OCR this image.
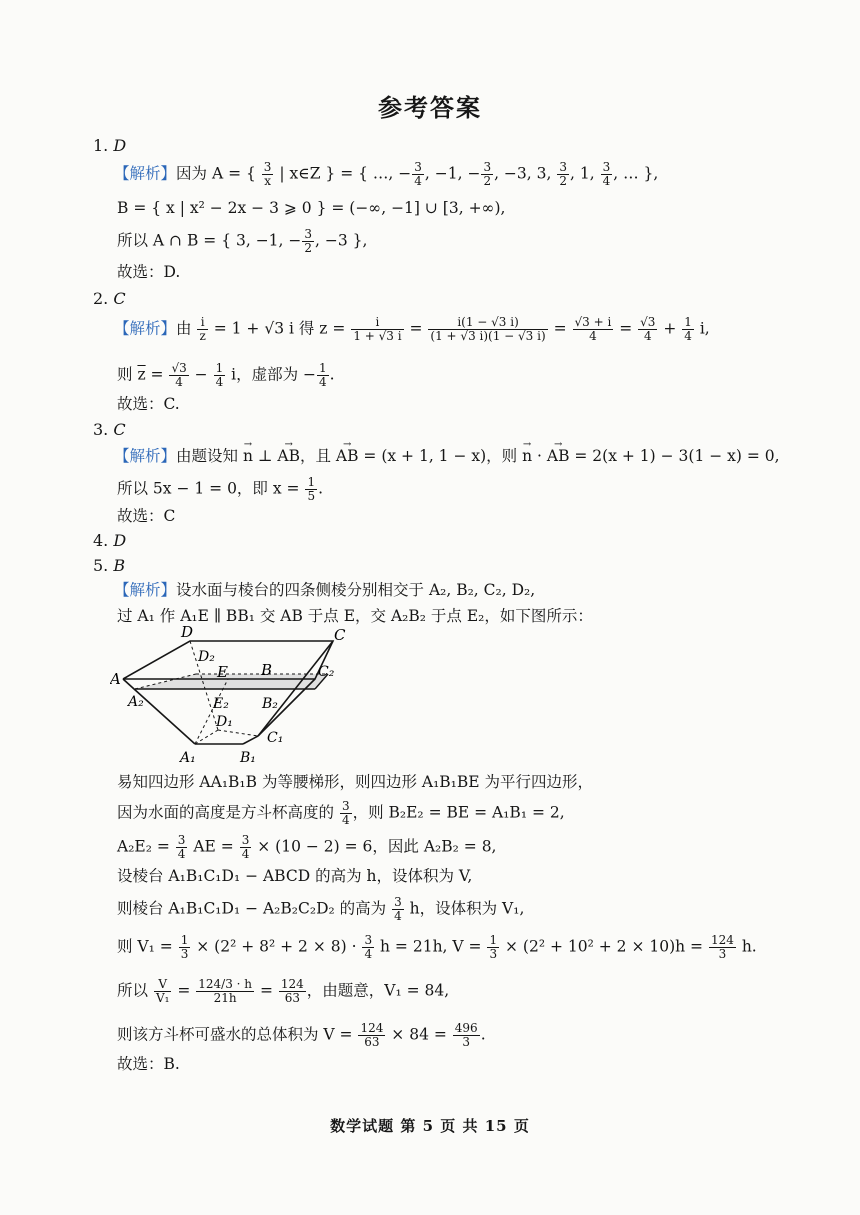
参考答案
1. D
【解析】因为 A = { $\frac{3}{x}$ | x∈Z } = { …, − $\frac{3}{4}$ , −1, − $\frac{3}{2}$ , −3, 3, $\frac{3}{2}$ , 1, $\frac{3}{4}$ , … },
B = { x | x² − 2x − 3 ⩾ 0 } = (−∞, −1] ∪ [3, +∞),
所以 A ∩ B = { 3, −1, − $\frac{3}{2}$ , −3 },
故选：D.
2. C
【解析】由 $\frac{i}{z} = 1 + √3$ i 得 $z = \frac{i}{1 + √3 i} = \frac{i(1 - √3 i)}{(1 + √3 i)(1 - √3 i)} = \frac{√3 + i}{4} = \frac{√3}{4} + \frac{1}{4} i$,
则 $\overline{z} = \frac{√3}{4} - \frac{1}{4}$ i，虚部为 − $\frac{1}{4}$ .
故选：C.
3. C
【解析】由题设知 → n ⊥ → AB，且 → AB = (x + 1, 1 − x)，则 → n · → AB = 2(x + 1) − 3(1 − x) = 0,
所以 5x − 1 = 0，即 $x = \frac{1}{5}$ .
故选：C
4. D
5. B
【解析】设水面与棱台的四条侧棱分别相交于 A₂, B₂, C₂, D₂,
过 A₁ 作 A₁E ∥ BB₁ 交 AB 于点 E，交 A₂B₂ 于点 E₂，如下图所示：
D
D₂
C
E B	C₂
A
A₂	E₂ B₂
D₁
C₁
A₁	B₁
易知四边形 AA₁B₁B 为等腰梯形，则四边形 A₁B₁BE 为平行四边形，
因为水面的高度是方斗杯高度的 $\frac{3}{4}$ ，则 B₂E₂ = BE = A₁B₁ = 2,
$A_2E_2 = \frac{3}{4}$ AE = $\frac{3}{4} \times (10 - 2) = 6$，因此 A₂B₂ = 8,
设棱台 A₁B₁C₁D₁ − ABCD 的高为 h，设体积为 V,
则棱台 A₁B₁C₁D₁ − A₂B₂C₂D₂ 的高为 $\frac{3}{4}$ h，设体积为 V₁,
则 $V_1 = \frac{1}{3} \times (2^2 + 8^2 + 2 \times 8) \cdot \frac{3}{4}$ h = 21h, $V = \frac{1}{3} \times (2^2 + 10^2 + 2 \times 10)h = \frac{124}{3} h$.
所以 $\frac{V}{\text{V₁}} = \frac{124/3 \cdot h}{21h} = \frac{124}{63}$ ，由题意，V₁ = 84,
则该方斗杯可盛水的总体积为 $V = \frac{124}{63} \times 84 = \frac{496}{3}$ .
故选：B.
数学试题 第 5 页 共 15 页
